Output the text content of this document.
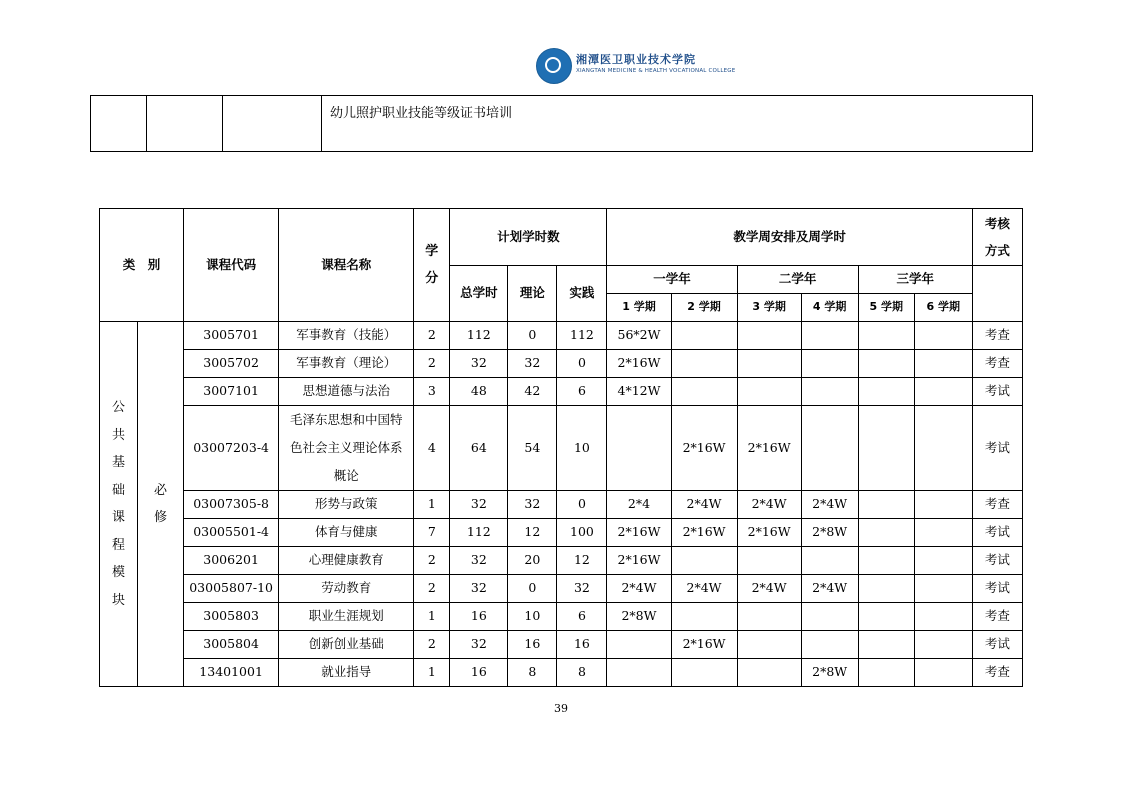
湘潭医卫职业技术学院
XIANGTAN MEDICINE & HEALTH VOCATIONAL COLLEGE

幼儿照护职业技能等级证书培训
类　别		课程代码	课程名称	学分	计划学时数			教学周安排及周学时						考核方式
					总学时	理论	实践	一学年		二学年		三学年		
								1 学期	2 学期	3 学期	4 学期	5 学期	6 学期	
公共基础课程模块	必修	3005701	军事教育（技能）	2	112	0	112	56*2W						考查
		3005702	军事教育（理论）	2	32	32	0	2*16W						考查
		3007101	思想道德与法治	3	48	42	6	4*12W						考试
		03007203-4	毛泽东思想和中国特色社会主义理论体系概论	4	64	54	10		2*16W	2*16W				考试
		03007305-8	形势与政策	1	32	32	0	2*4	2*4W	2*4W	2*4W			考查
		03005501-4	体育与健康	7	112	12	100	2*16W	2*16W	2*16W	2*8W			考试
		3006201	心理健康教育	2	32	20	12	2*16W						考试
		03005807-10	劳动教育	2	32	0	32	2*4W	2*4W	2*4W	2*4W			考试
		3005803	职业生涯规划	1	16	10	6	2*8W						考查
		3005804	创新创业基础	2	32	16	16		2*16W					考试
		13401001	就业指导	1	16	8	8				2*8W			考查
39
